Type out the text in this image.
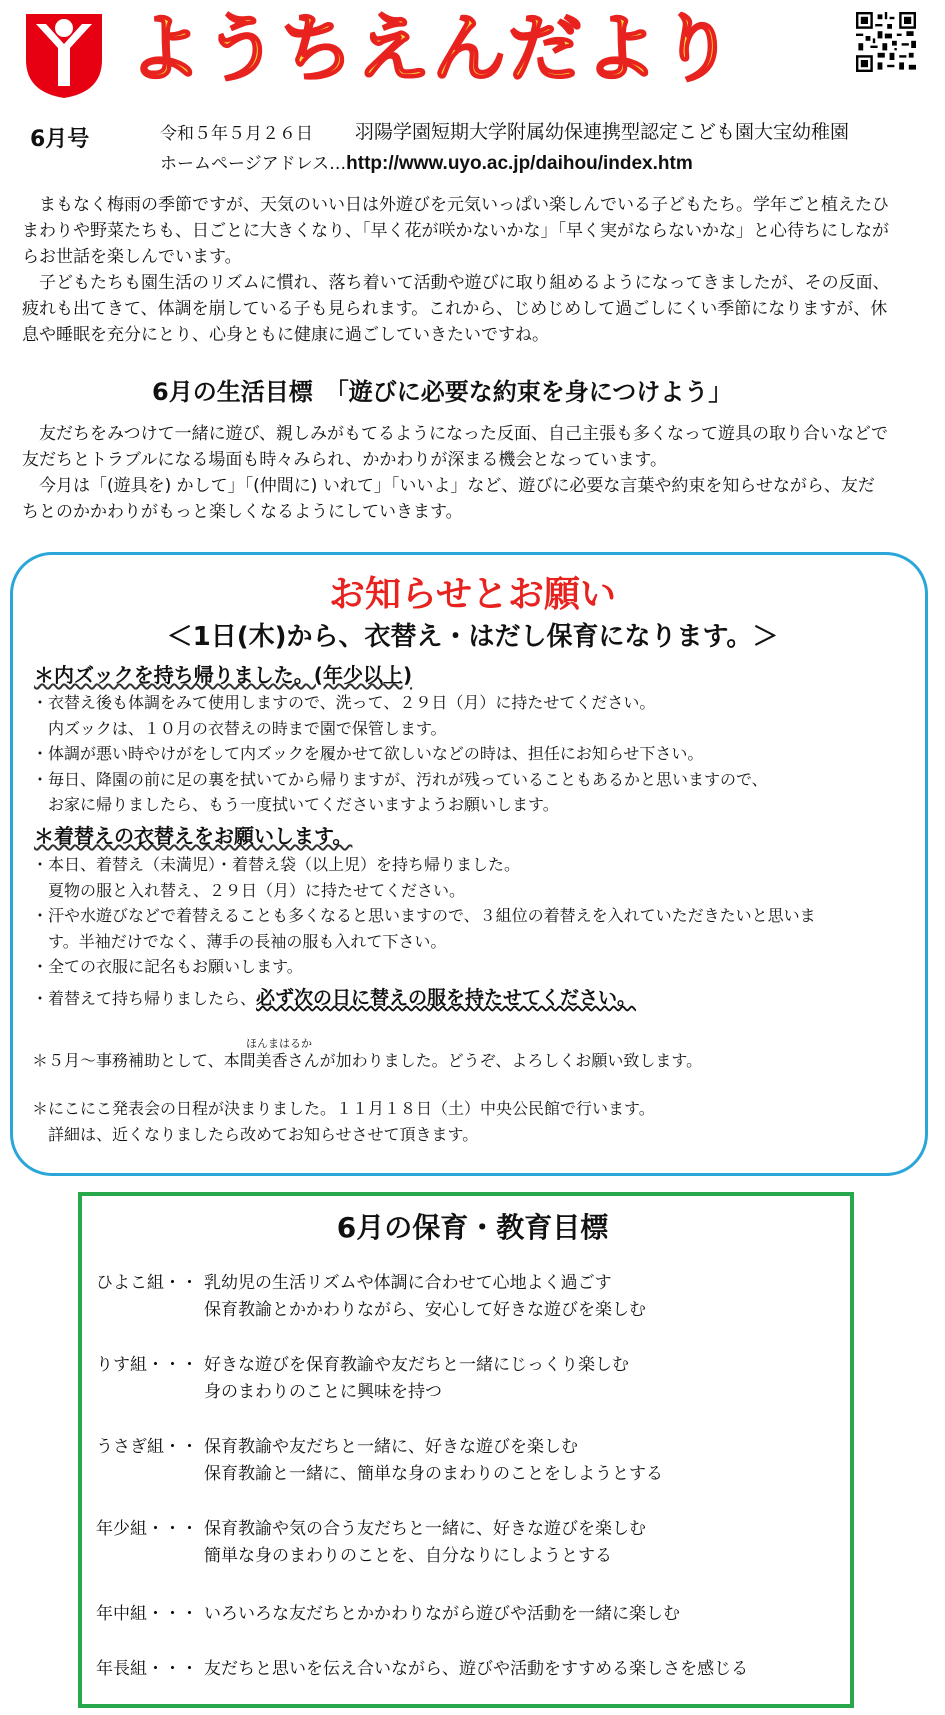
ようちえんだより
6月号	令和５年５月２６日 羽陽学園短期大学附属幼保連携型認定こども園大宝幼稚園
ホームページアドレス…http://www.uyo.ac.jp/daihou/index.htm
　まもなく梅雨の季節ですが、天気のいい日は外遊びを元気いっぱい楽しんでいる子どもたち。学年ごと植えたひ
まわりや野菜たちも、日ごとに大きくなり、「早く花が咲かないかな」「早く実がならないかな」と心待ちにしなが
らお世話を楽しんでいます。
　子どもたちも園生活のリズムに慣れ、落ち着いて活動や遊びに取り組めるようになってきましたが、その反面、
疲れも出てきて、体調を崩している子も見られます。これから、じめじめして過ごしにくい季節になりますが、休
息や睡眠を充分にとり、心身ともに健康に過ごしていきたいですね。
6月の生活目標　「遊びに必要な約束を身につけよう」
　友だちをみつけて一緒に遊び、親しみがもてるようになった反面、自己主張も多くなって遊具の取り合いなどで
友だちとトラブルになる場面も時々みられ、かかわりが深まる機会となっています。
　今月は「(遊具を) かして」「(仲間に) いれて」「いいよ」など、遊びに必要な言葉や約束を知らせながら、友だ
ちとのかかわりがもっと楽しくなるようにしていきます。
お知らせとお願い
＜1日(木)から、衣替え・はだし保育になります。＞
＊内ズックを持ち帰りました。(年少以上)
・衣替え後も体調をみて使用しますので、洗って、２９日（月）に持たせてください。
　内ズックは、１０月の衣替えの時まで園で保管します。
・体調が悪い時やけがをして内ズックを履かせて欲しいなどの時は、担任にお知らせ下さい。
・毎日、降園の前に足の裏を拭いてから帰りますが、汚れが残っていることもあるかと思いますので、
　お家に帰りましたら、もう一度拭いてくださいますようお願いします。
＊着替えの衣替えをお願いします。
・本日、着替え（未満児）・着替え袋（以上児）を持ち帰りました。
　夏物の服と入れ替え、２９日（月）に持たせてください。
・汗や水遊びなどで着替えることも多くなると思いますので、３組位の着替えを入れていただきたいと思いま
　す。半袖だけでなく、薄手の長袖の服も入れて下さい。
・全ての衣服に記名もお願いします。
・着替えて持ち帰りましたら、必ず次の日に替えの服を持たせてください。
ほんまはるか
＊５月～事務補助として、本間美香さんが加わりました。どうぞ、よろしくお願い致します。
＊にこにこ発表会の日程が決まりました。１１月１８日（土）中央公民館で行います。
　詳細は、近くなりましたら改めてお知らせさせて頂きます。
6月の保育・教育目標
ひよこ組・・ 乳幼児の生活リズムや体調に合わせて心地よく過ごす
保育教諭とかかわりながら、安心して好きな遊びを楽しむ
りす組・・・ 好きな遊びを保育教諭や友だちと一緒にじっくり楽しむ
身のまわりのことに興味を持つ
うさぎ組・・ 保育教諭や友だちと一緒に、好きな遊びを楽しむ
保育教諭と一緒に、簡単な身のまわりのことをしようとする
年少組・・・ 保育教諭や気の合う友だちと一緒に、好きな遊びを楽しむ
簡単な身のまわりのことを、自分なりにしようとする
年中組・・・ いろいろな友だちとかかわりながら遊びや活動を一緒に楽しむ
年長組・・・ 友だちと思いを伝え合いながら、遊びや活動をすすめる楽しさを感じる
